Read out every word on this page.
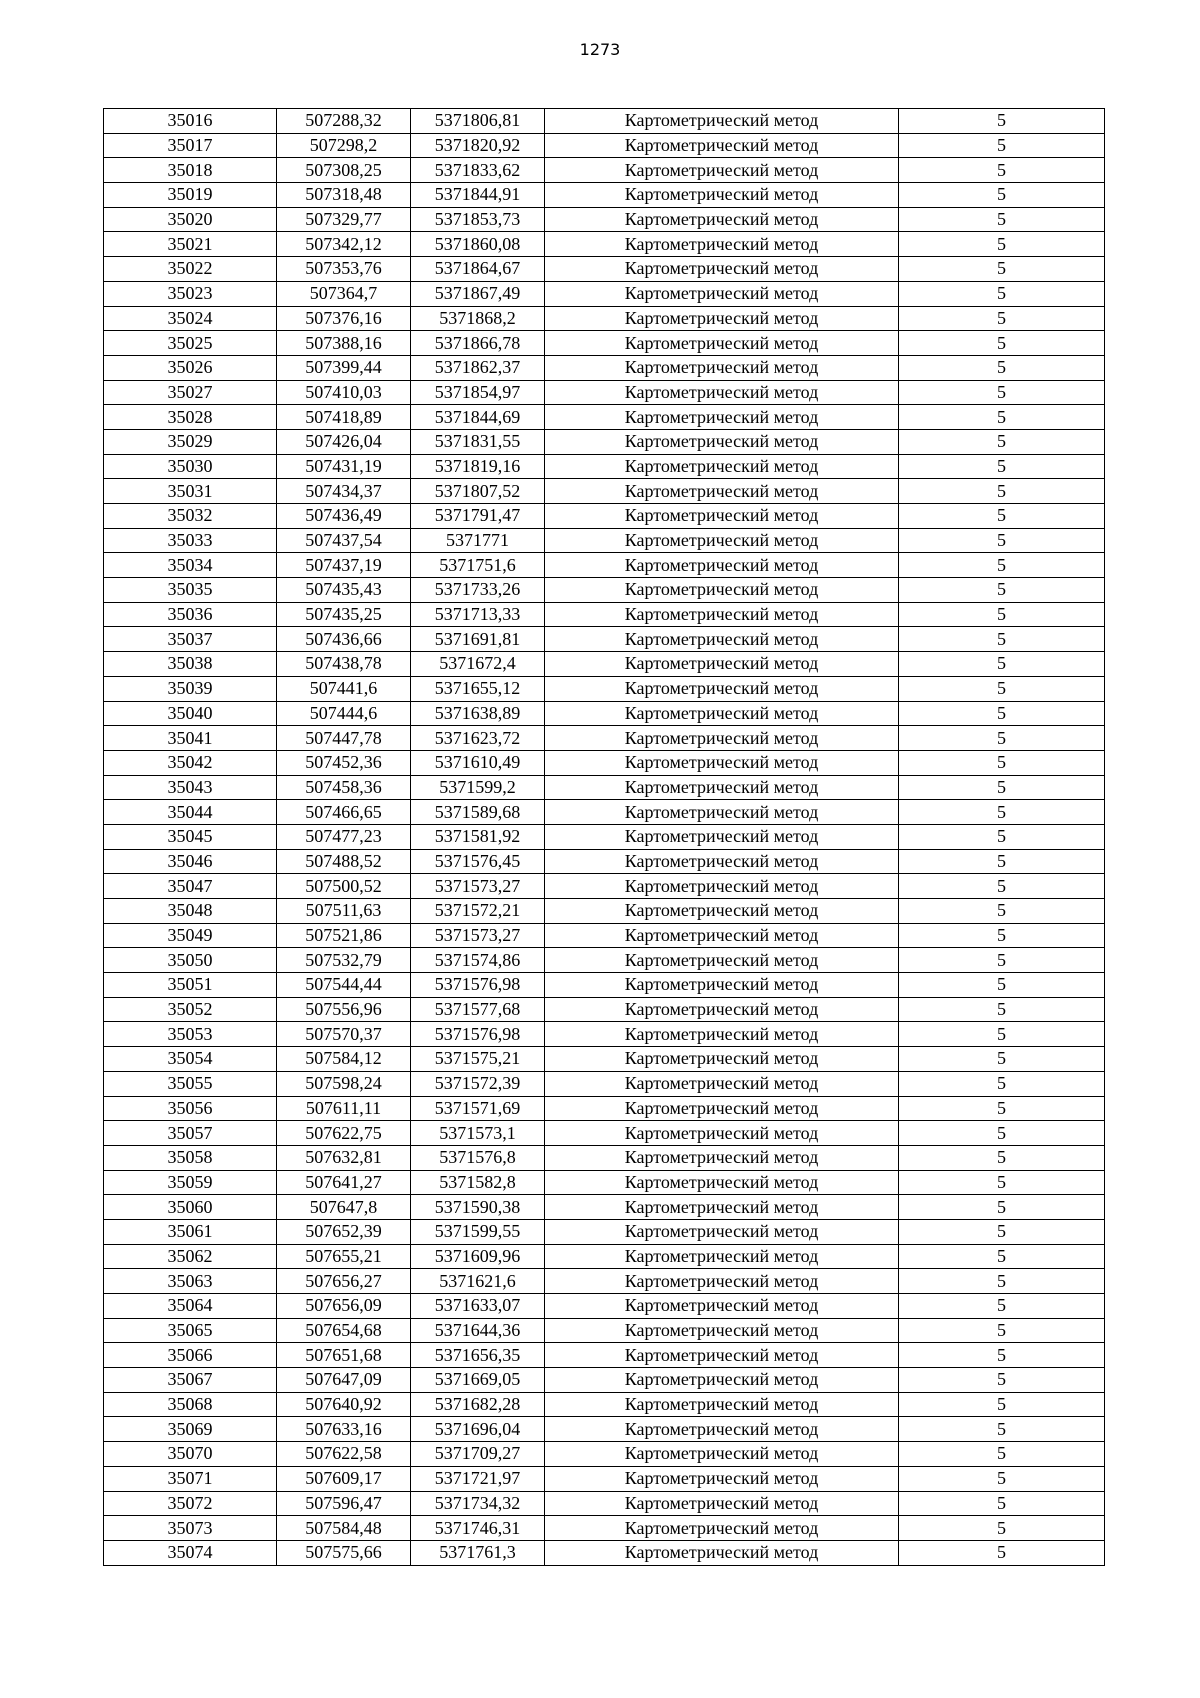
1273
35016	507288,32	5371806,81	Картометрический метод	5
35017	507298,2	5371820,92	Картометрический метод	5
35018	507308,25	5371833,62	Картометрический метод	5
35019	507318,48	5371844,91	Картометрический метод	5
35020	507329,77	5371853,73	Картометрический метод	5
35021	507342,12	5371860,08	Картометрический метод	5
35022	507353,76	5371864,67	Картометрический метод	5
35023	507364,7	5371867,49	Картометрический метод	5
35024	507376,16	5371868,2	Картометрический метод	5
35025	507388,16	5371866,78	Картометрический метод	5
35026	507399,44	5371862,37	Картометрический метод	5
35027	507410,03	5371854,97	Картометрический метод	5
35028	507418,89	5371844,69	Картометрический метод	5
35029	507426,04	5371831,55	Картометрический метод	5
35030	507431,19	5371819,16	Картометрический метод	5
35031	507434,37	5371807,52	Картометрический метод	5
35032	507436,49	5371791,47	Картометрический метод	5
35033	507437,54	5371771	Картометрический метод	5
35034	507437,19	5371751,6	Картометрический метод	5
35035	507435,43	5371733,26	Картометрический метод	5
35036	507435,25	5371713,33	Картометрический метод	5
35037	507436,66	5371691,81	Картометрический метод	5
35038	507438,78	5371672,4	Картометрический метод	5
35039	507441,6	5371655,12	Картометрический метод	5
35040	507444,6	5371638,89	Картометрический метод	5
35041	507447,78	5371623,72	Картометрический метод	5
35042	507452,36	5371610,49	Картометрический метод	5
35043	507458,36	5371599,2	Картометрический метод	5
35044	507466,65	5371589,68	Картометрический метод	5
35045	507477,23	5371581,92	Картометрический метод	5
35046	507488,52	5371576,45	Картометрический метод	5
35047	507500,52	5371573,27	Картометрический метод	5
35048	507511,63	5371572,21	Картометрический метод	5
35049	507521,86	5371573,27	Картометрический метод	5
35050	507532,79	5371574,86	Картометрический метод	5
35051	507544,44	5371576,98	Картометрический метод	5
35052	507556,96	5371577,68	Картометрический метод	5
35053	507570,37	5371576,98	Картометрический метод	5
35054	507584,12	5371575,21	Картометрический метод	5
35055	507598,24	5371572,39	Картометрический метод	5
35056	507611,11	5371571,69	Картометрический метод	5
35057	507622,75	5371573,1	Картометрический метод	5
35058	507632,81	5371576,8	Картометрический метод	5
35059	507641,27	5371582,8	Картометрический метод	5
35060	507647,8	5371590,38	Картометрический метод	5
35061	507652,39	5371599,55	Картометрический метод	5
35062	507655,21	5371609,96	Картометрический метод	5
35063	507656,27	5371621,6	Картометрический метод	5
35064	507656,09	5371633,07	Картометрический метод	5
35065	507654,68	5371644,36	Картометрический метод	5
35066	507651,68	5371656,35	Картометрический метод	5
35067	507647,09	5371669,05	Картометрический метод	5
35068	507640,92	5371682,28	Картометрический метод	5
35069	507633,16	5371696,04	Картометрический метод	5
35070	507622,58	5371709,27	Картометрический метод	5
35071	507609,17	5371721,97	Картометрический метод	5
35072	507596,47	5371734,32	Картометрический метод	5
35073	507584,48	5371746,31	Картометрический метод	5
35074	507575,66	5371761,3	Картометрический метод	5
